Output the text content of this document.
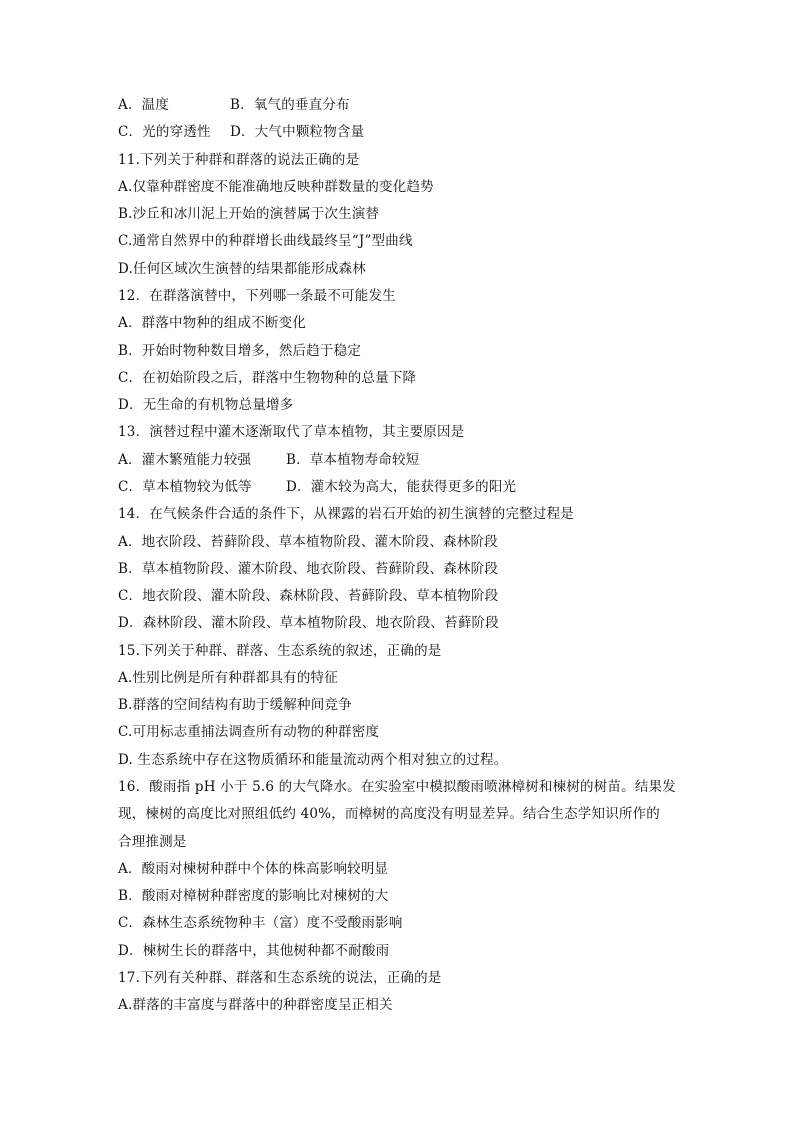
A．温度	B．氧气的垂直分布
C．光的穿透性 D．大气中颗粒物含量
11.下列关于种群和群落的说法正确的是
A.仅靠种群密度不能准确地反映种群数量的变化趋势
B.沙丘和冰川泥上开始的演替属于次生演替
C.通常自然界中的种群增长曲线最终呈“J”型曲线
D.任何区域次生演替的结果都能形成森林
12．在群落演替中，下列哪一条最不可能发生
A．群落中物种的组成不断变化
B．开始时物种数目增多，然后趋于稳定
C．在初始阶段之后，群落中生物物种的总量下降
D．无生命的有机物总量增多
13．演替过程中灌木逐渐取代了草本植物，其主要原因是
A．灌木繁殖能力较强	B．草本植物寿命较短
C．草本植物较为低等	D．灌木较为高大，能获得更多的阳光
14．在气候条件合适的条件下，从裸露的岩石开始的初生演替的完整过程是
A．地衣阶段、苔藓阶段、草本植物阶段、灌木阶段、森林阶段
B．草本植物阶段、灌木阶段、地衣阶段、苔藓阶段、森林阶段
C．地衣阶段、灌木阶段、森林阶段、苔藓阶段、草本植物阶段
D．森林阶段、灌木阶段、草本植物阶段、地衣阶段、苔藓阶段
15.下列关于种群、群落、生态系统的叙述，正确的是
A.性别比例是所有种群都具有的特征
B.群落的空间结构有助于缓解种间竞争
C.可用标志重捕法调查所有动物的种群密度
D. 生态系统中存在这物质循环和能量流动两个相对独立的过程。
16．酸雨指 pH 小于 5.6 的大气降水。在实验室中模拟酸雨喷淋樟树和楝树的树苗。结果发
现，楝树的高度比对照组低约 40%，而樟树的高度没有明显差异。结合生态学知识所作的
合理推测是
A．酸雨对楝树种群中个体的株高影响较明显
B．酸雨对樟树种群密度的影响比对楝树的大
C．森林生态系统物种丰（富）度不受酸雨影响
D．楝树生长的群落中，其他树种都不耐酸雨
17.下列有关种群、群落和生态系统的说法，正确的是
A.群落的丰富度与群落中的种群密度呈正相关
